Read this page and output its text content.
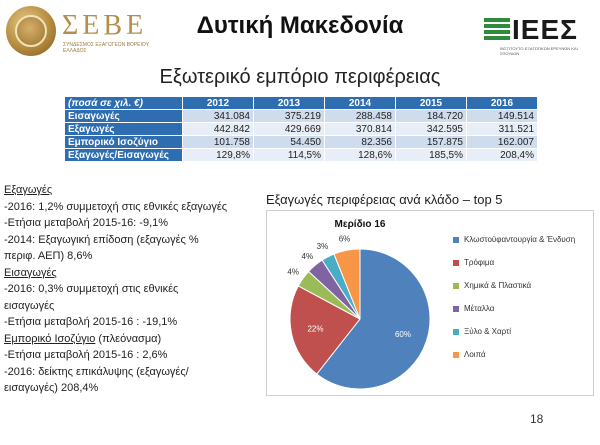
ΣΕΒΕ
ΣΥΝΔΕΣΜΟΣ ΕΞΑΓΩΓΕΩΝ ΒΟΡΕΙΟΥ ΕΛΛΑΔΟΣ
Δυτική Μακεδονία	ΙΕΕΣ
ΙΝΣΤΙΤΟΥΤΟ ΕΞΑΓΩΓΙΚΩΝ ΕΡΕΥΝΩΝ ΚΑΙ ΣΠΟΥΔΩΝ
Εξωτερικό εμπόριο περιφέρειας
(ποσά σε χιλ. €)	2012	2013	2014	2015	2016
Εισαγωγές	341.084	375.219	288.458	184.720	149.514
Εξαγωγές	442.842	429.669	370.814	342.595	311.521
Εμπορικό Ισοζύγιο	101.758	54.450	82.356	157.875	162.007
Εξαγωγές/Εισαγωγές	129,8%	114,5%	128,6%	185,5%	208,4%
Εξαγωγές
-2016: 1,2% συμμετοχή στις εθνικές εξαγωγές
-Ετήσια μεταβολή 2015-16: -9,1%
-2014: Εξαγωγική επίδοση (εξαγωγές %
περιφ. ΑΕΠ) 8,6%
Εισαγωγές
-2016: 0,3% συμμετοχή στις εθνικές
εισαγωγές
-Ετήσια μεταβολή 2015-16 : -19,1%
Εμπορικό Ισοζύγιο (πλεόνασμα)
-Ετήσια μεταβολή 2015-16 : 2,6%
-2016: δείκτης επικάλυψης (εξαγωγές/
εισαγωγές) 208,4%
Εξαγωγές περιφέρειας ανά κλάδο – top 5
Μερίδιο 16
60%
22%
4%
4%
3%
6%	Κλωστοϋφαντουργία & Ένδυση
Τρόφιμα
Χημικά & Πλαστικά
Μέταλλα
Ξύλο & Χαρτί
Λοιπά
18
